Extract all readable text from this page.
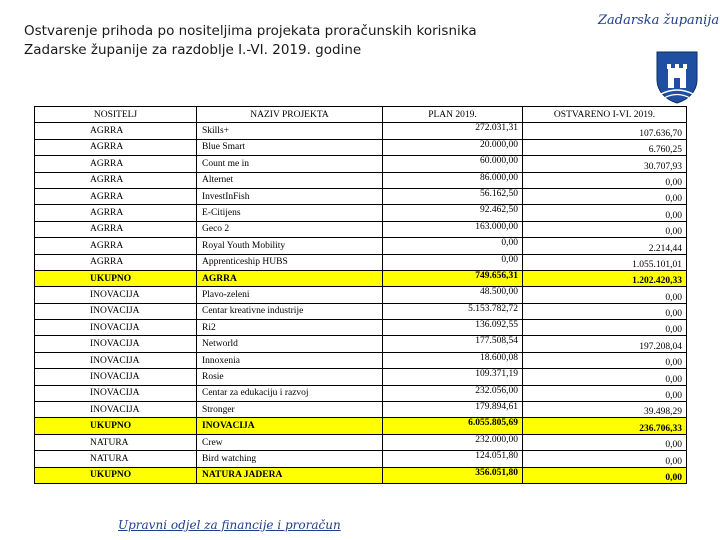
Ostvarenje prihoda po nositeljima projekata proračunskih korisnika
Zadarske županije za razdoblje I.-VI. 2019. godine
Zadarska županija
NOSITELJ	NAZIV PROJEKTA	PLAN 2019.	OSTVARENO I-VI. 2019.
AGRRA	Skills+	272.031,31	107.636,70
AGRRA	Blue Smart	20.000,00	6.760,25
AGRRA	Count me in	60.000,00	30.707,93
AGRRA	Alternet	86.000,00	0,00
AGRRA	InvestInFish	56.162,50	0,00
AGRRA	E-Citijens	92.462,50	0,00
AGRRA	Geco 2	163.000,00	0,00
AGRRA	Royal Youth Mobility	0,00	2.214,44
AGRRA	Apprenticeship HUBS	0,00	1.055.101,01
UKUPNO	AGRRA	749.656,31	1.202.420,33
INOVACIJA	Plavo-zeleni	48.500,00	0,00
INOVACIJA	Centar kreativne industrije	5.153.782,72	0,00
INOVACIJA	Ri2	136.092,55	0,00
INOVACIJA	Networld	177.508,54	197.208,04
INOVACIJA	Innoxenia	18.600,08	0,00
INOVACIJA	Rosie	109.371,19	0,00
INOVACIJA	Centar za edukaciju i razvoj	232.056,00	0,00
INOVACIJA	Stronger	179.894,61	39.498,29
UKUPNO	INOVACIJA	6.055.805,69	236.706,33
NATURA	Crew	232.000,00	0,00
NATURA	Bird watching	124.051,80	0,00
UKUPNO	NATURA JADERA	356.051,80	0,00
Upravni odjel za financije i proračun
